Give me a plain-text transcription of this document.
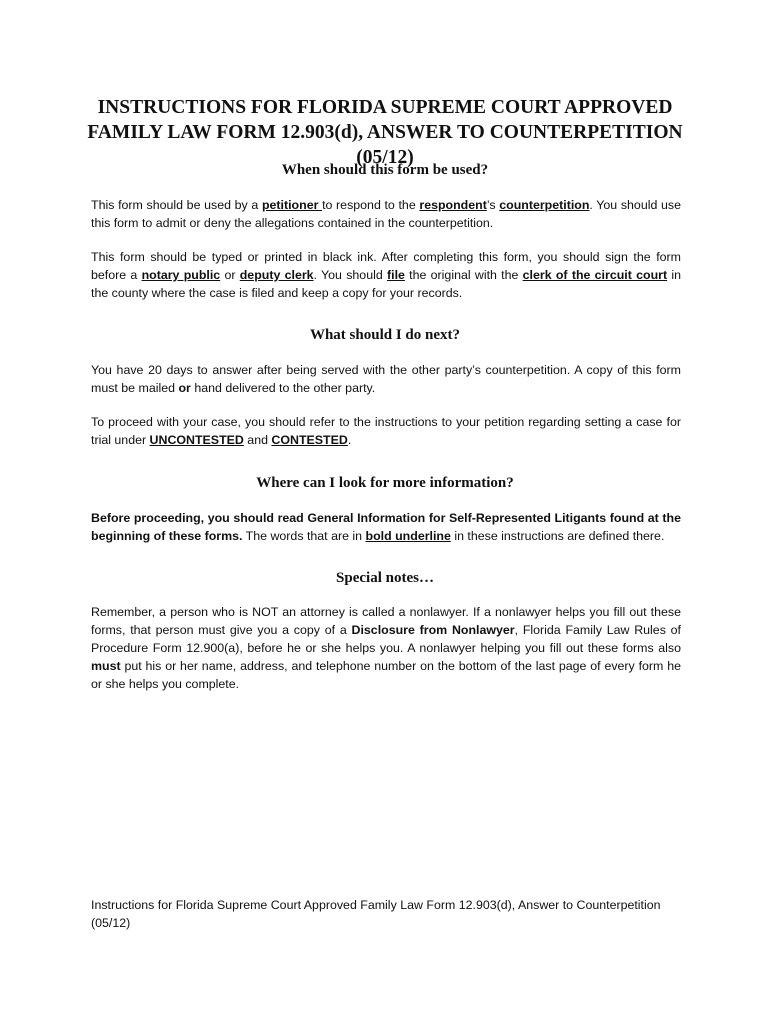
INSTRUCTIONS FOR FLORIDA SUPREME COURT APPROVED FAMILY LAW FORM 12.903(d), ANSWER TO COUNTERPETITION (05/12)
When should this form be used?

This form should be used by a petitioner to respond to the respondent’s counterpetition. You should use this form to admit or deny the allegations contained in the counterpetition.

This form should be typed or printed in black ink. After completing this form, you should sign the form before a notary public or deputy clerk. You should file the original with the clerk of the circuit court in the county where the case is filed and keep a copy for your records.

What should I do next?

You have 20 days to answer after being served with the other party’s counterpetition. A copy of this form must be mailed or hand delivered to the other party.

To proceed with your case, you should refer to the instructions to your petition regarding setting a case for trial under UNCONTESTED and CONTESTED.

Where can I look for more information?

Before proceeding, you should read General Information for Self-Represented Litigants found at the beginning of these forms. The words that are in bold underline in these instructions are defined there.

Special notes…

Remember, a person who is NOT an attorney is called a nonlawyer. If a nonlawyer helps you fill out these forms, that person must give you a copy of a Disclosure from Nonlawyer, Florida Family Law Rules of Procedure Form 12.900(a), before he or she helps you. A nonlawyer helping you fill out these forms also must put his or her name, address, and telephone number on the bottom of the last page of every form he or she helps you complete.

Instructions for Florida Supreme Court Approved Family Law Form 12.903(d), Answer to Counterpetition (05/12)
